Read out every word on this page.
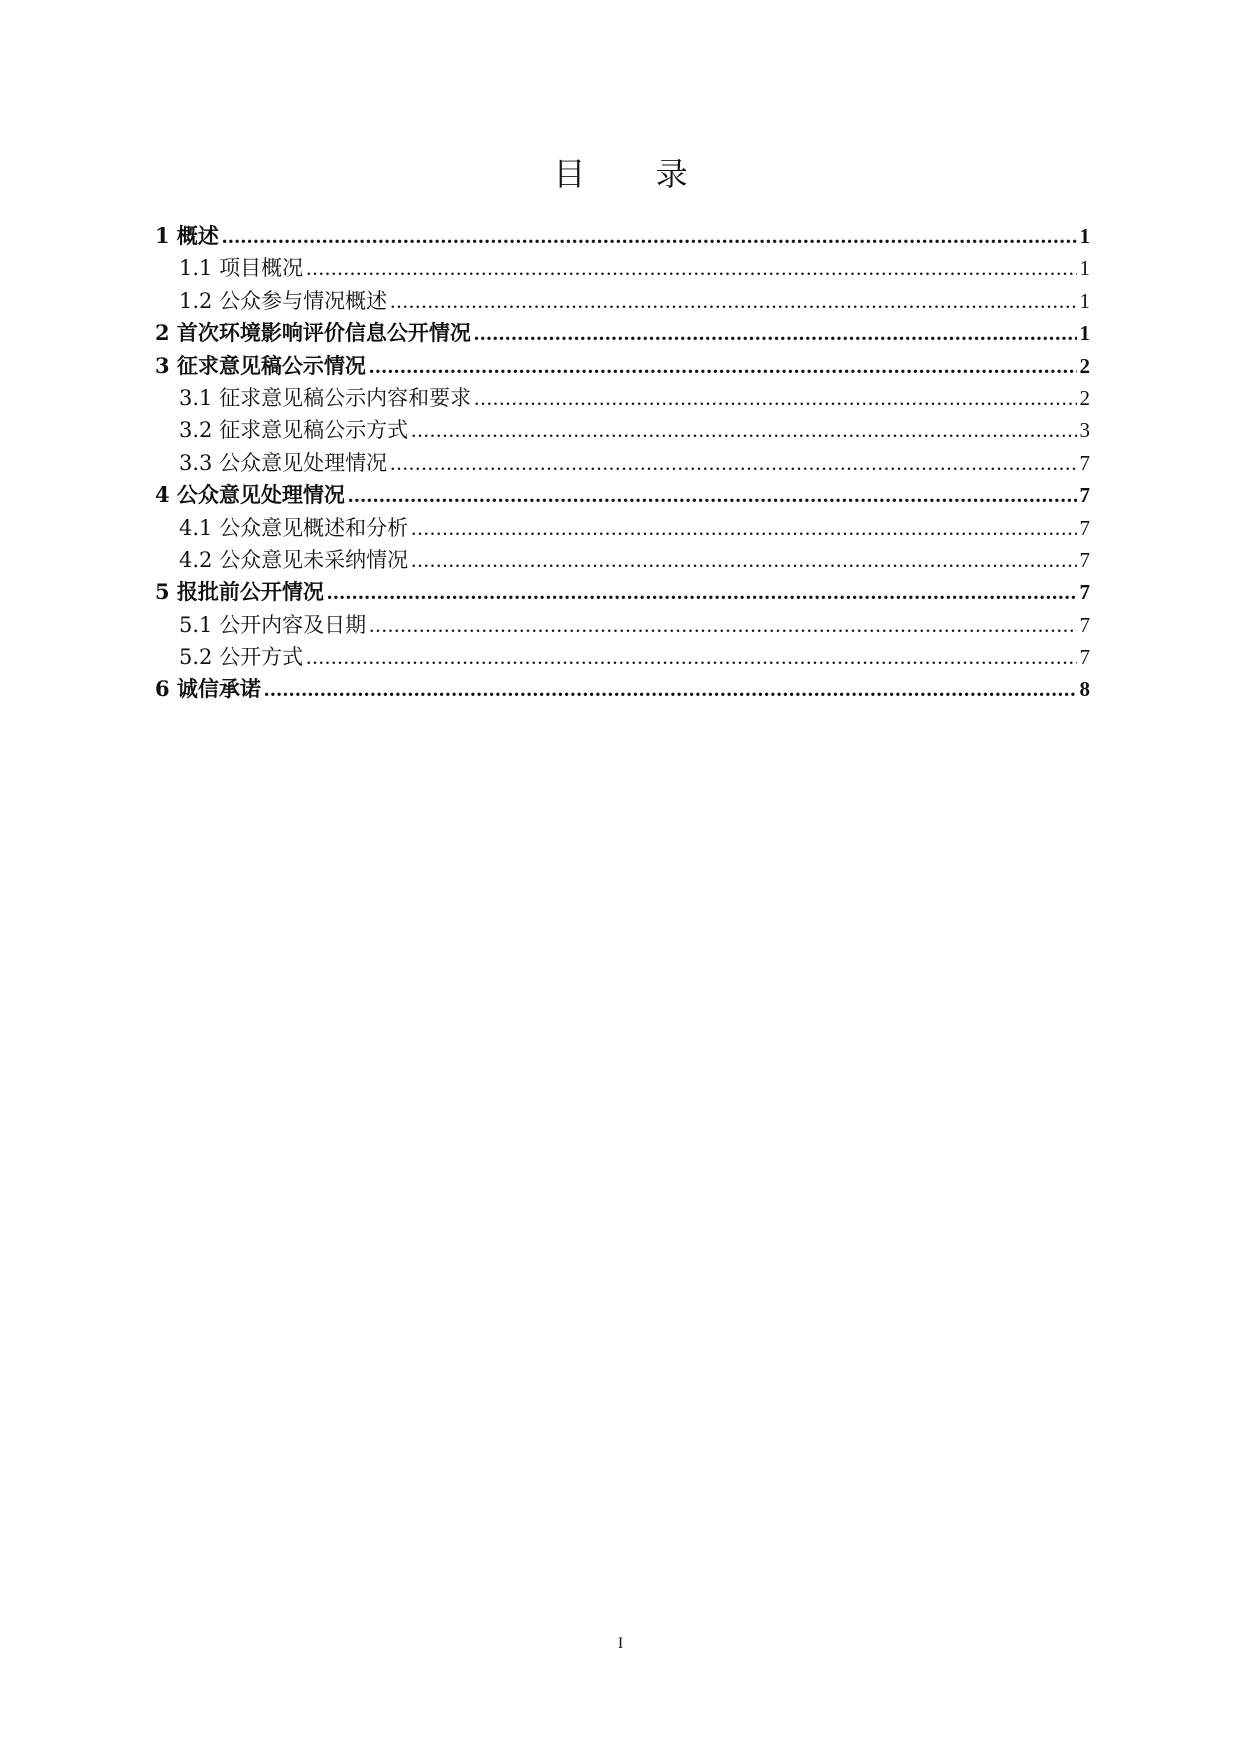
目 录
1 概述 .....	1
1.1 项目概况 .....	1
1.2 公众参与情况概述 .....	1
2 首次环境影响评价信息公开情况 .....	1
3 征求意见稿公示情况 .....	2
3.1 征求意见稿公示内容和要求 .....	2
3.2 征求意见稿公示方式 .....	3
3.3 公众意见处理情况 .....	7
4 公众意见处理情况 .....	7
4.1 公众意见概述和分析 .....	7
4.2 公众意见未采纳情况 .....	7
5 报批前公开情况 .....	7
5.1 公开内容及日期 .....	7
5.2 公开方式 .....	7
6 诚信承诺 .....	8
I
